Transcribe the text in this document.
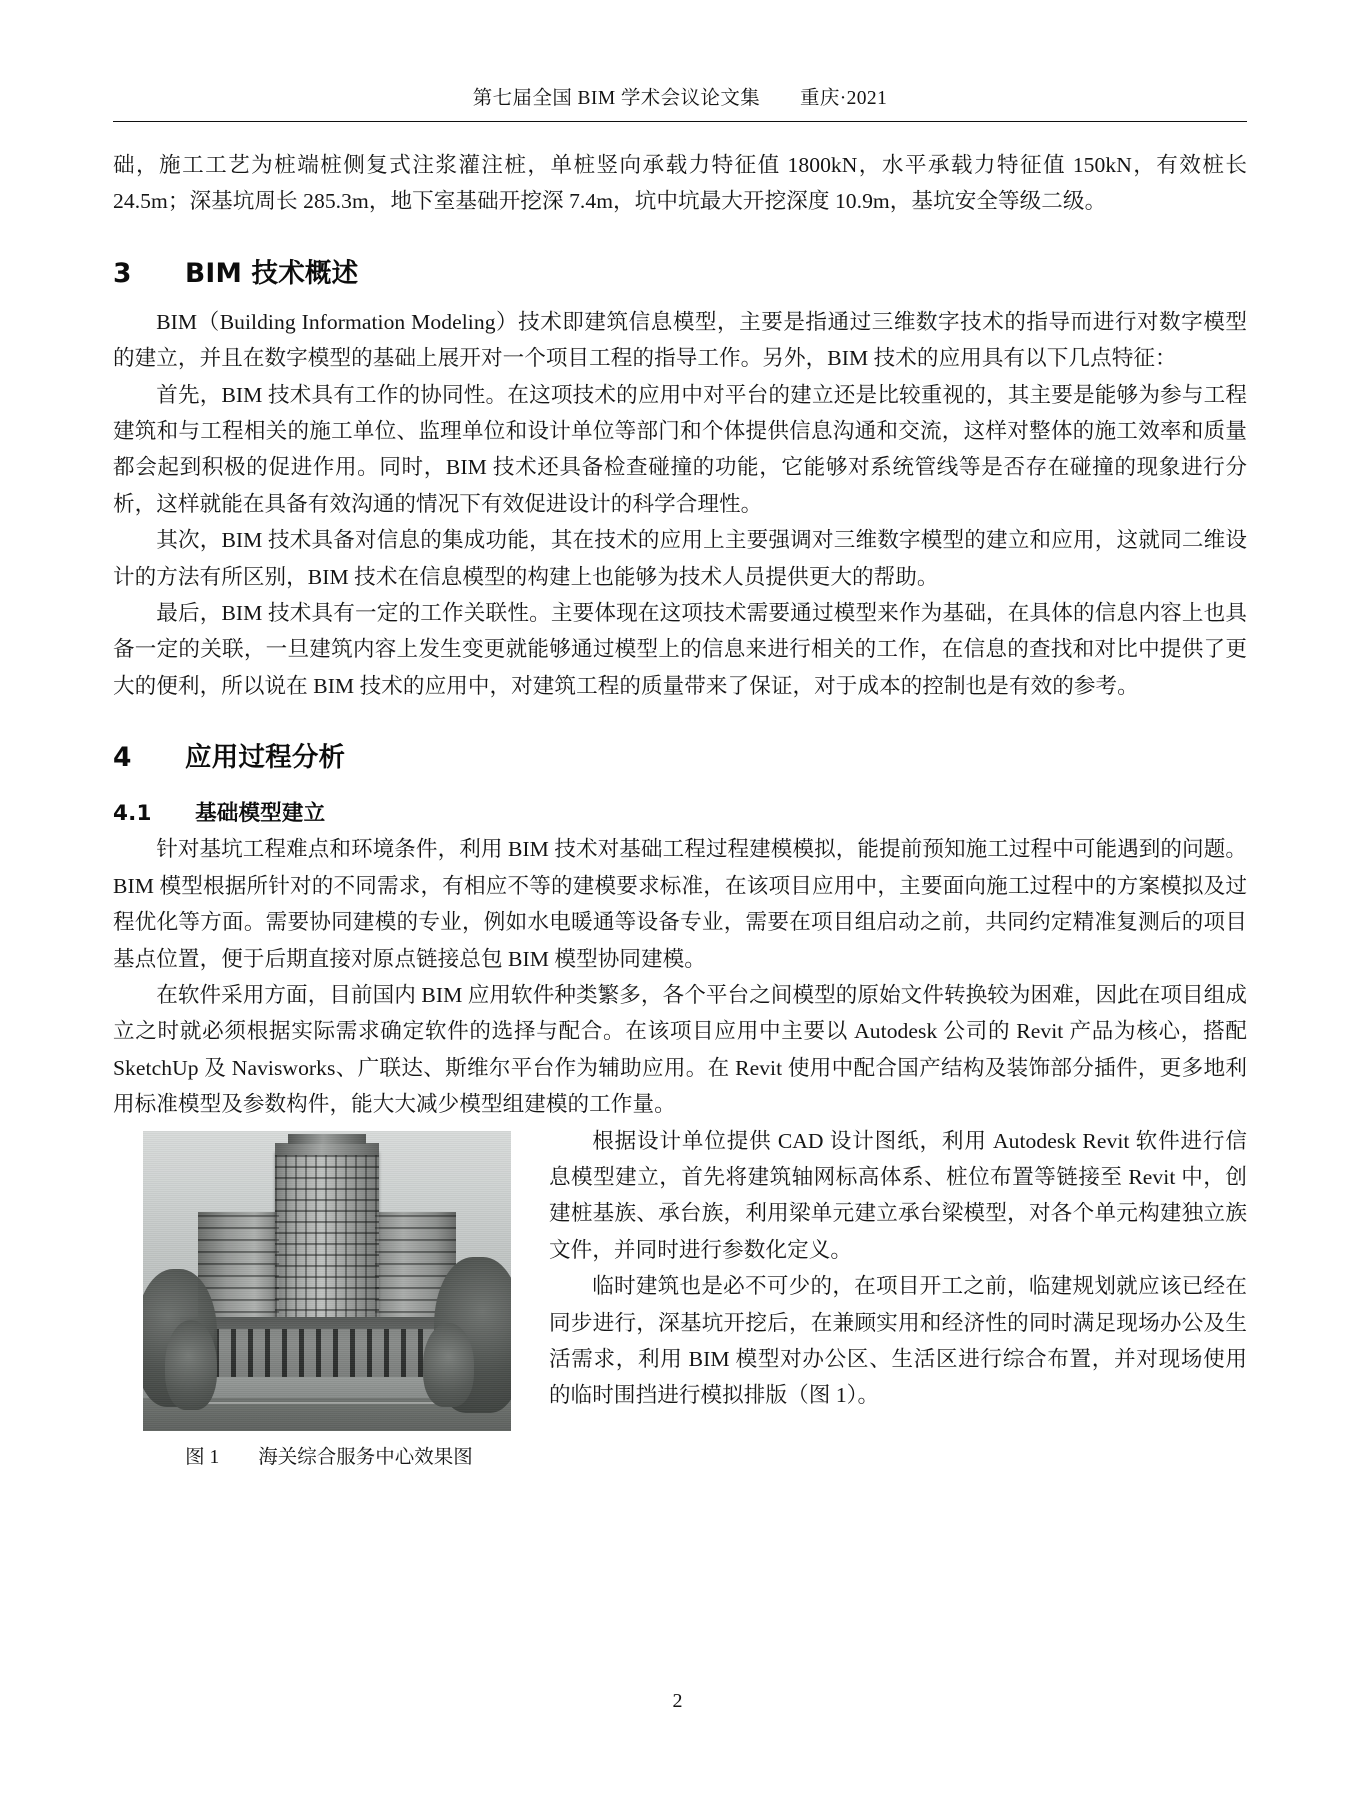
第七届全国 BIM 学术会议论文集　　重庆·2021

础，施工工艺为桩端桩侧复式注浆灌注桩，单桩竖向承载力特征值 1800kN，水平承载力特征值 150kN，有效桩长 24.5m；深基坑周长 285.3m，地下室基础开挖深 7.4m，坑中坑最大开挖深度 10.9m，基坑安全等级二级。

3　　BIM 技术概述

BIM（Building Information Modeling）技术即建筑信息模型，主要是指通过三维数字技术的指导而进行对数字模型的建立，并且在数字模型的基础上展开对一个项目工程的指导工作。另外，BIM 技术的应用具有以下几点特征：

首先，BIM 技术具有工作的协同性。在这项技术的应用中对平台的建立还是比较重视的，其主要是能够为参与工程建筑和与工程相关的施工单位、监理单位和设计单位等部门和个体提供信息沟通和交流，这样对整体的施工效率和质量都会起到积极的促进作用。同时，BIM 技术还具备检查碰撞的功能，它能够对系统管线等是否存在碰撞的现象进行分析，这样就能在具备有效沟通的情况下有效促进设计的科学合理性。

其次，BIM 技术具备对信息的集成功能，其在技术的应用上主要强调对三维数字模型的建立和应用，这就同二维设计的方法有所区别，BIM 技术在信息模型的构建上也能够为技术人员提供更大的帮助。

最后，BIM 技术具有一定的工作关联性。主要体现在这项技术需要通过模型来作为基础，在具体的信息内容上也具备一定的关联，一旦建筑内容上发生变更就能够通过模型上的信息来进行相关的工作，在信息的查找和对比中提供了更大的便利，所以说在 BIM 技术的应用中，对建筑工程的质量带来了保证，对于成本的控制也是有效的参考。

4　　应用过程分析
4.1　　基础模型建立

针对基坑工程难点和环境条件，利用 BIM 技术对基础工程过程建模模拟，能提前预知施工过程中可能遇到的问题。BIM 模型根据所针对的不同需求，有相应不等的建模要求标准，在该项目应用中，主要面向施工过程中的方案模拟及过程优化等方面。需要协同建模的专业，例如水电暖通等设备专业，需要在项目组启动之前，共同约定精准复测后的项目基点位置，便于后期直接对原点链接总包 BIM 模型协同建模。

在软件采用方面，目前国内 BIM 应用软件种类繁多，各个平台之间模型的原始文件转换较为困难，因此在项目组成立之时就必须根据实际需求确定软件的选择与配合。在该项目应用中主要以 Autodesk 公司的 Revit 产品为核心，搭配 SketchUp 及 Navisworks、广联达、斯维尔平台作为辅助应用。在 Revit 使用中配合国产结构及装饰部分插件，更多地利用标准模型及参数构件，能大大减少模型组建模的工作量。

图 1　　海关综合服务中心效果图

根据设计单位提供 CAD 设计图纸，利用 Autodesk Revit 软件进行信息模型建立，首先将建筑轴网标高体系、桩位布置等链接至 Revit 中，创建桩基族、承台族，利用梁单元建立承台梁模型，对各个单元构建独立族文件，并同时进行参数化定义。

临时建筑也是必不可少的，在项目开工之前，临建规划就应该已经在同步进行，深基坑开挖后，在兼顾实用和经济性的同时满足现场办公及生活需求，利用 BIM 模型对办公区、生活区进行综合布置，并对现场使用的临时围挡进行模拟排版（图 1）。

2
